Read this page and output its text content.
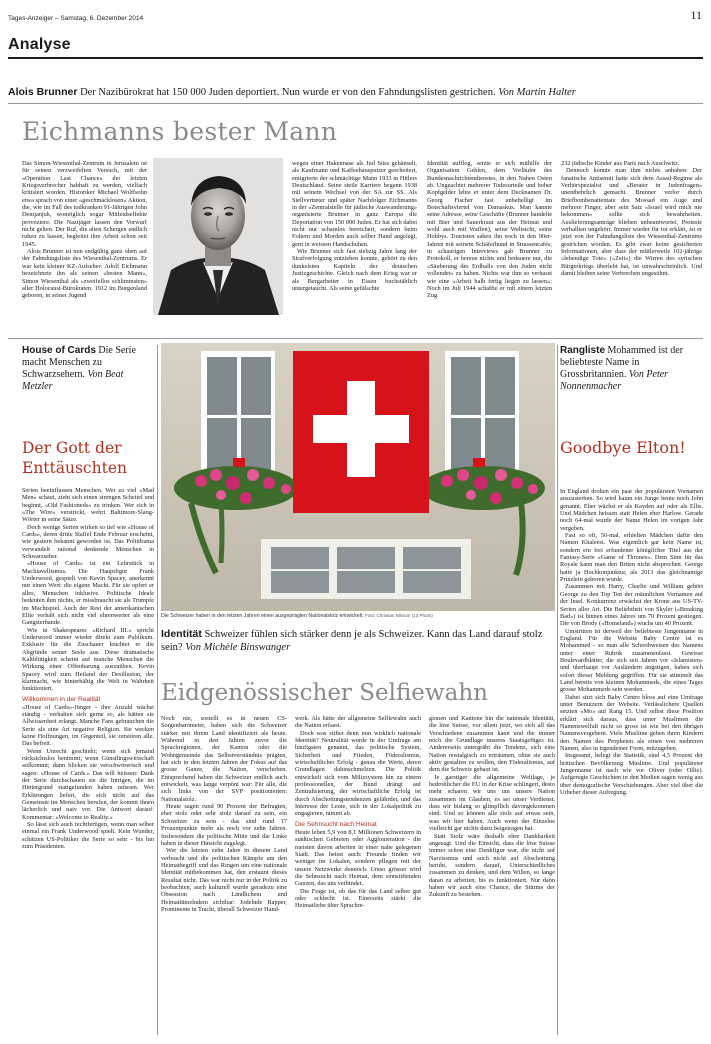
Tages-Anzeiger – Samstag, 6. Dezember 2014	11
Analyse
Alois Brunner Der Nazibürokrat hat 150 000 Juden deportiert. Nun wurde er von den Fahndungslisten gestrichen. Von Martin Halter
Eichmanns bester Mann

Das Simon-Wiesenthal-Zentrum in Jerusalem ist für seinen verzweifelten Versuch, mit der «Operation Last Chance» der letzten Kriegsverbrecher habhaft zu werden, vielfach kritisiert worden. Historiker Michael Wolffsohn etwa sprach von einer «geschmacklosen» Aktion, die, wie im Fall des todkranken 91-Jährigen John Demjanjuk, womöglich sogar Mitleidseffekte provoziere. Die Nazijäger lassen den Vorwurf nicht gelten. Der Ruf, die alten Schergen endlich ruhen zu lassen, begleitet ihre Arbeit schon seit 1945.

Alois Brunner ist nun endgültig ganz oben auf der Fahndungsliste des Wiesenthal-Zentrums. Er war kein kleiner KZ-Aufseher: Adolf Eichmann bezeichnete ihn als seinen «besten Mann», Simon Wiesenthal als «zweifellos schlimmsten» aller Holocaust-Bürokraten. 1912 im Burgenland geboren, in seiner Jugend

wegen einer Hakennase als Jud Süss gehänselt, als Kaufmann und Kaffeehausputzer gescheitert, emigrierte der schmächtige Mann 1933 in Hitlers Deutschland. Seine steile Karriere begann 1938 mit seinem Wechsel von der SA zur SS. Als Stellvertreter und später Nachfolger Eichmanns in der «Zentralstelle für jüdische Auswanderung» organisierte Brunner in ganz Europa die Deportation von 150 000 Juden. Er hat sich dabei nicht nur schamlos bereichert, sondern beim Foltern und Morden auch selber Hand angelegt, gern in weissen Handschuhen.

Wie Brunner sich fast siebzig Jahre lang der Strafverfolgung entziehen konnte, gehört zu den dunkelsten Kapiteln der deutschen Justizgeschichte. Gleich nach dem Krieg war er als Bergarbeiter in Essen buchstäblich untergetaucht. Als seine gefälschte

Identität aufflog, setzte er sich mithilfe der Organisation Gehlen, dem Vorläufer des Bundesnachrichtendienstes, in den Nahen Osten ab. Ungeachtet mehrerer Todesurteile und hoher Kopfgelder lebte er unter dem Decknamen Dr. Georg Fischer fast unbehelligt im Botschaftsviertel von Damaskus. Man kannte seine Adresse, seine Geschäfte (Brunner handelte mit Bier und Sauerkraut aus der Heimat und wohl auch mit Waffen), seine Weltsicht, seine Hobbys. Touristen sahen ihn noch in den 90er-Jahren mit seinem Schäferhund in Strassencafés; in schaurigen Interviews gab Brunner zu Protokoll, er bereue nichts und bedauere nur, die «Säuberung des Erdballs von den Juden nicht vollendet» zu haben. Nichts war ihm so verhasst wie eine «Arbeit halb fertig liegen zu lassen»: Noch im Juli 1944 schaffte er mit einem letzten Zug

232 jüdische Kinder aus Paris nach Auschwitz.

Dennoch konnte man ihm nichts anhaben: Der fanatische Antisemit hatte sich dem Assad-Regime als Verhörspezialist und «Berater in Judenfragen» unentbehrlich gemacht. Brunner verlor durch Briefbombenattentate des Mossad ein Auge und mehrere Finger, aber sein Satz «Israel wird mich nie bekommen» sollte sich bewahrheiten. Auslieferungsanträge blieben unbeantwortet, Proteste verhallten ungehört. Immer wieder für tot erklärt, ist er jetzt von der Fahndungsliste des Wiesenthal-Zentrums gestrichen worden. Es gibt zwar keine gesicherten Informationen, aber dass der mittlerweile 102-jährige «lebendige Tote» («Zeit») die Wirren des syrischen Bürgerkriegs überlebt hat, ist unwahrscheinlich. Und damit bleiben seine Verbrechen ungesühnt.

House of Cards Die Serie macht Menschen zu Schwarzsehern. Von Beat Metzler
Der Gott der Enttäuschten

Serien beeinflussen Menschen. Wer zu viel «Mad Men» schaut, zieht sich einen strengen Scheitel und beginnt, «Old Fashioneds» zu trinken. Wer sich in «The Wire» verstrickt, wehrt Baltimore-Slang-Wörter in seine Sätze.

Doch wenige Serien wirken so tief wie «House of Cards», deren dritte Staffel Ende Februar erscheint, wie gestern bekannt geworden ist. Das Politdrama verwandelt rational denkende Menschen in Schwarzseher.

«House of Cards» ist ein Lehrstück in Machiavellismus. Die Hauptfigur Frank Underwood, gespielt von Kevin Spacey, anerkennt nur einen Wert: die eigene Macht. Für sie opfert er alles, Menschen inklusive. Politische Ideale bedeuten ihm nichts, er missbraucht sie als Trümpfe im Machtspiel. Auch der Rest der amerikanischen Elite verhält sich nicht viel ehrenwerter als eine Gangsterbande.

Wie in Shakespeares «Richard III.» spricht Underwood immer wieder direkt zum Publikum. Exklusiv für die Zuschauer leuchtet er die Abgründe seiner Seele aus. Diese dramatische Kaltblütigkeit scheint auf manche Menschen die Wirkung einer Offenbarung auszuüben. Kevin Spacey wird zum Heiland der Desillusion, der klarmacht, wie hinterhältig die Welt in Wahrheit funktioniert.

Willkommen in der Realität

«House of Cards»-Jünger - ihre Anzahl wächst ständig - verhalten sich gerne so, als hätten sie Allwissenheit erlangt. Manche Fans gebrauchen die Serie als eine Art negative Religion. Sie wecken keine Hoffnungen, im Gegenteil, sie zerstören alle. Das befreit.

Wenn Unrecht geschieht; wenn sich jemand rücksichtslos benimmt; wenn Günstlingswirtschaft aufkommt; dann blicken sie verschwörerisch und sagen: «House of Cards.» Das will heissen: Dank der Serie durchschauen sie die Intrigen, die im Hintergrund stattgefunden haben müssen. Wer Erklärungen liefert, die sich nicht auf das Gemeinste im Menschen berufen, der kommt ihnen lächerlich und naiv vor. Die Antwort darauf: Kommentar: «Welcome to Reality.»

So lässt sich auch rechtfertigen, wenn man selber einmal ein Frank Underwood spielt. Kein Wunder, schätzen US-Politiker die Serie so sehr - bis hin zum Präsidenten.

Die Schweizer haben in den letzten Jahren einen ausgeprägten Nationalstolz entwickelt. Foto: Christian Nilsson (13 Photo)
Identität Schweizer fühlen sich stärker denn je als Schweizer. Kann das Land darauf stolz sein? Von Michèle Binswanger
Eidgenössischer Selfiewahn

Noch nie, sostellt es in neuen CS-Sorgenbarometer, haben sich die Schweizer stärker mit ihrem Land identifiziert als heute. Während in den Jahren zuvor die Sprachregionen, der Kanton oder die Wohngemeinde das Selbstverständnis prägten, hat sich in den letzten Jahren der Fokus auf das grosse Ganze, die Nation, verschoben. Entsprechend haben die Schweizer endlich auch entwickelt, was lange verpönt war: Für alle, die sich links von der SVP positionierten: Nationalstolz.

Heute sagen rund 90 Prozent der Befragten, eher stolz oder sehr stolz darauf zu sein, ein Schweizer zu sein - das sind rund 17 Prozentpunkte mehr als noch vor zehn Jahren. Insbesondere die politische Mitte und die Linke haben in dieser Hinsicht zugelegt.

Wer die letzten zehn Jahre in diesem Land verbracht und die politischen Kämpfe um den Heimatbegriff und das Ringen um eine nationale Identität mitbekommen hat, den erstaunt dieses Resultat nicht. Das war nicht nur in der Politik zu beobachten, auch kulturell wurde geradezu eine Obsession nach Ländlichem und Heimattümelndem sichtbar: Jodelnde Rapper, Prominente in Tracht, überall Schweizer Hand-

werk. Als hätte der allgemeine Selfiewahn auch die Nation erfasst.

Doch was stiftet denn nun wirklich nationale Identität? Neutralität wurde in der Umfrage am häufigsten genannt, das politische System, Sicherheit und Frieden, Föderalismus, wirtschaftlicher Erfolg - genau die Werte, deren Grundlagen dahinschmelzen. Die Politik entwickelt sich vom Milizsystem hin zu einem professionellen, der Bund drängt auf Zentralisierung, der wirtschaftliche Erfolg ist durch Abschottungstendenzen gefährdet, und das Interesse der Leute, sich in der Lokalpolitik zu engagieren, nimmt ab.

Die Sehnsucht nach Heimat

Heute leben 5,9 von 8,1 Millionen Schweizern in städtischen Gebieten oder Agglomeration - die meisten davon arbeiten in einer nahe gelegenen Stadt. Das heisst auch: Freunde finden wir weniger im Lokalen, sondern pflegen mit der unsere Netzwerke dennoch. Umso grösser wird die Sehnsucht nach Heimat, dem sinnstiftenden Ganzen, das uns verbindet.

Die Frage ist, ob das für das Land selber gut oder schlecht ist. Einerseits stärkt die Heimatliebe über Sprachre-

gionen und Kantone hin die nationale Identität, die löse Suisse, vor allem jetzt, wo sich all das Verschiedene zusammen kann und die immer noch die Grundlage unseres Staatsgefüges ist. Andererseits untergräbt die Tendenz, sich eine Nation nostalgisch zu erträumen, ohne sie auch aktiv gestalten zu wollen, den Föderalismus, auf dem die Schweiz gebaut ist.

Je garstiger die allgemeine Weltlage, je bedrohlicher die EU in der Krise schlingert, desto mehr scharen wir uns um unsere Nation zusammen im Glauben, es sei unser Verdienst, dass wir bislang so glimpflich davongekommen sind. Und so können alle stolz auf etwas sein, was wir hier haben. Auch wenn der Einzelne vielleicht gar nichts dazu beigetragen hat.

Statt Stolz wäre deshalb eher Dankbarkeit angesagt. Und die Einsicht, dass die löse Suisse immer schon eine Denkfigur war, die nicht auf Narzissmus und auch nicht auf Abschottung beruht, sondern darauf, Unterschiedliches zusammen zu denken, und dem Willen, so lange daran zu arbeiten, bis es funktioniert. Nur dann haben wir auch eine Chance, die Stürme der Zukunft zu bestehen.

Rangliste Mohammed ist der beliebteste Name in Grossbritannien. Von Peter Nonnenmacher
Goodbye Elton!

In England drohen ein paar der populärsten Vornamen auszusterben. So wird kaum ein Junge heute noch John genannt. Eher wächst er als Kayden auf oder als Ellis. Und Mädchen heissen statt Helen eher Harlow. Gerade noch 64-mal wurde der Name Helen im vorigen Jahr vergeben.

Fast so oft, 50-mal, erhielten Mädchen dafür den Namen Khaleesi. Was eigentlich gar kein Name ist, sondern ein frei erfundener königlicher Titel aus der Fantasy-Serie «Game of Thrones». Dem Sinn für das Royale kann man den Briten nicht absprechen. George hatte ja Hochkonjunktur, als 2013 das gleichnamige Prinzlein geboren wurde.

Zusammen mit Harry, Charlie und William gehört George zu den Top Ten der männlichen Vornamen auf der Insel. Konkurrenz erwächst der Krone aus US-TV-Serien aller Art. Die Beliebtheit von Skyler («Breaking Bad») ist binnen eines Jahres um 70 Prozent gestiegen. Die von Brody («Homeland») wuchs um 40 Prozent.

Umstritten ist derweil der beliebteste Jungenname in England. Für die Website Baby Centre ist es Mohammed - so man alle Schreibweisen des Namens unter einer Rubrik zusammenfasst. Gewisse Boulevardblätter, die sich seit Jahren vor «Islamisten» und überhaupt vor Ausländern ängstigen, haben sich sofort dieser Meldung gegriffen. Für sie stimmelt das Land bereits von kleinen Mohammeds, die eines Tages grosse Mohammeds sein werden.

Dabei sitzt sich Baby Centre bloss auf eine Umfrage unter Benutzern der Website. Verlässlichere Quellen setzten «Mo» auf Rang 15. Und selbst diese Position erklärt sich daraus, dass unter Muslimen die Namenswelfalt nicht so gross ist wie bei den übrigen Namensvergebern. Viele Muslime geben ihren Kindern den Namen des Propheten als einen von mehreren Namen, also in irgendeiner Form, mitzugeben.

Insgesamt, belegt die Statistik, sind 4,5 Prozent der britischen Bevölkerung Muslime. Und populärster Jungenname ist nach wie vor Oliver (oder Ollie). Aufgeregte Geschichten in den Medien sagen wenig aus über demografische Verschiebungen. Aber viel über die Urheber dieser Aufregung.
